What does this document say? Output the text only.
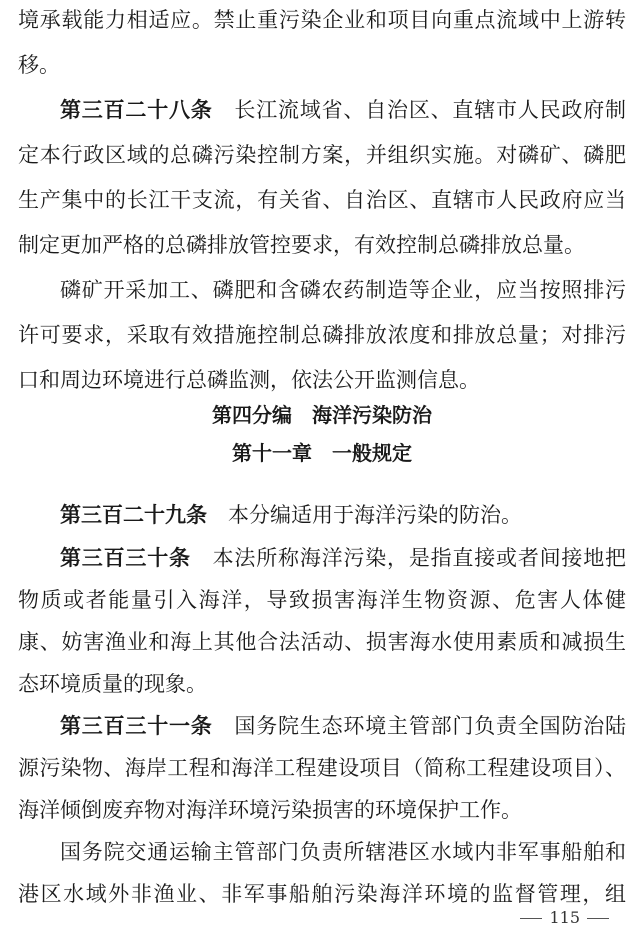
境承载能力相适应。禁止重污染企业和项目向重点流域中上游转
移。
第三百二十八条　 长江流域省、自治区、直辖市人民政府制
定本行政区域的总磷污染控制方案，并组织实施。对磷矿、磷肥
生产集中的长江干支流，有关省、自治区、直辖市人民政府应当
制定更加严格的总磷排放管控要求，有效控制总磷排放总量。
磷矿开采加工、磷肥和含磷农药制造等企业，应当按照排污
许可要求，采取有效措施控制总磷排放浓度和排放总量；对排污
口和周边环境进行总磷监测，依法公开监测信息。
第四分编　海洋污染防治
第十一章　一般规定
第三百二十九条　 本分编适用于海洋污染的防治。
第三百三十条　 本法所称海洋污染，是指直接或者间接地把
物质或者能量引入海洋，导致损害海洋生物资源、危害人体健
康、妨害渔业和海上其他合法活动、损害海水使用素质和减损生
态环境质量的现象。
第三百三十一条　 国务院生态环境主管部门负责全国防治陆
源污染物、海岸工程和海洋工程建设项目（简称工程建设项目）、
海洋倾倒废弃物对海洋环境污染损害的环境保护工作。
国务院交通运输主管部门负责所辖港区水域内非军事船舶和
港区水域外非渔业、非军事船舶污染海洋环境的监督管理，组
115
